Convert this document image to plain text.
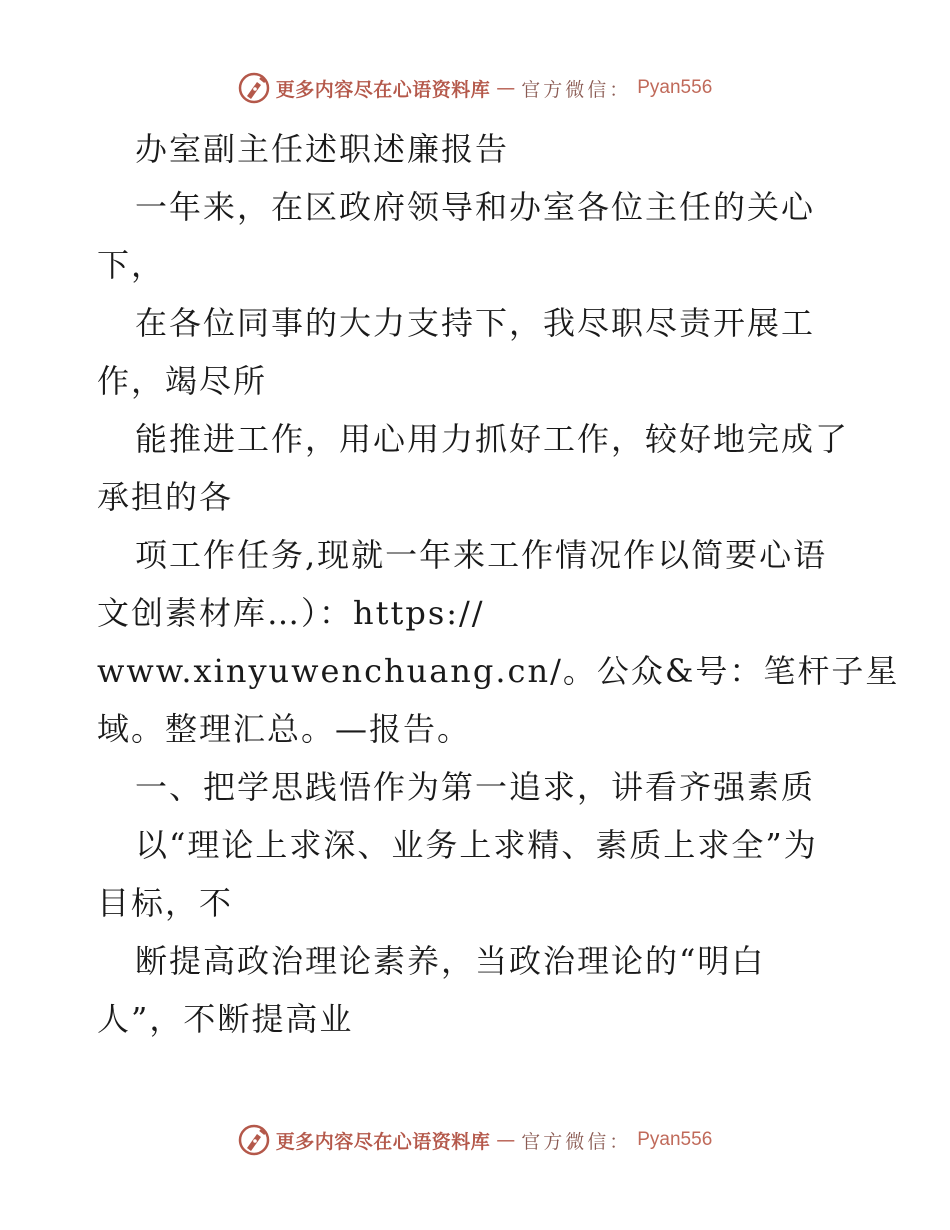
更多内容尽在心语资料库 — 官方微信： Pyan556
办室副主任述职述廉报告
一年来，在区政府领导和办室各位主任的关心
下，
在各位同事的大力支持下，我尽职尽责开展工
作，竭尽所
能推进工作，用心用力抓好工作，较好地完成了
承担的各
项工作任务,现就一年来工作情况作以简要心语
文创素材库…）：https://
www.xinyuwenchuang.cn/。公众&号：笔杆子星
域。整理汇总。—报告。
一、把学思践悟作为第一追求，讲看齐强素质
以“理论上求深、业务上求精、素质上求全”为
目标，不
断提高政治理论素养，当政治理论的“明白
人”，不断提高业
更多内容尽在心语资料库 — 官方微信： Pyan556
